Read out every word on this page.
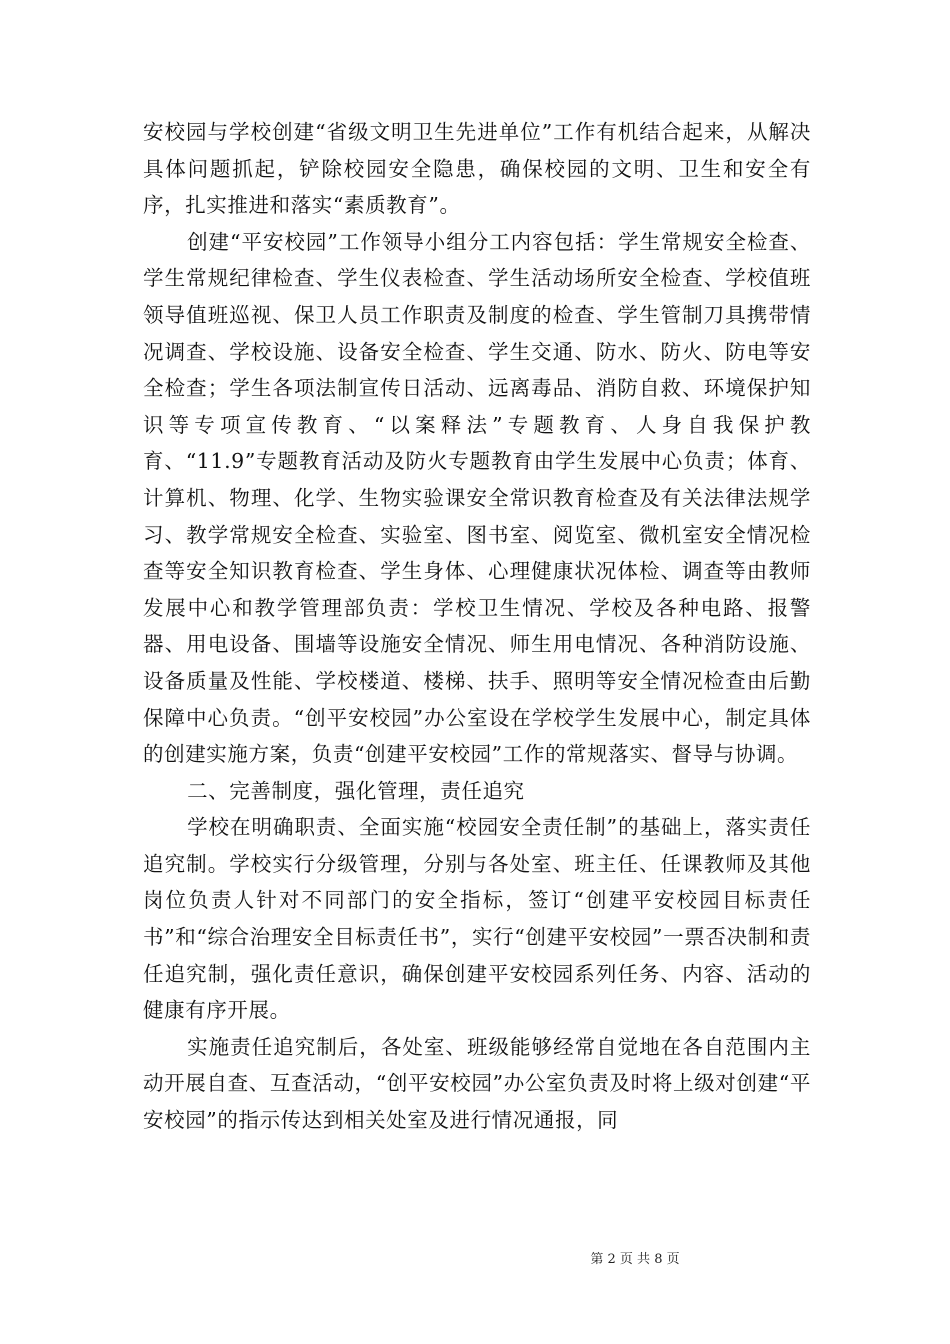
安校园与学校创建“省级文明卫生先进单位”工作有机结合起来，从解决具体问题抓起，铲除校园安全隐患，确保校园的文明、卫生和安全有序，扎实推进和落实“素质教育”。

创建“平安校园”工作领导小组分工内容包括：学生常规安全检查、学生常规纪律检查、学生仪表检查、学生活动场所安全检查、学校值班领导值班巡视、保卫人员工作职责及制度的检查、学生管制刀具携带情况调查、学校设施、设备安全检查、学生交通、防水、防火、防电等安全检查；学生各项法制宣传日活动、远离毒品、消防自救、环境保护知识等专项宣传教育、“以案释法”专题教育、人身自我保护教育、“11.9”专题教育活动及防火专题教育由学生发展中心负责；体育、计算机、物理、化学、生物实验课安全常识教育检查及有关法律法规学习、教学常规安全检查、实验室、图书室、阅览室、微机室安全情况检查等安全知识教育检查、学生身体、心理健康状况体检、调查等由教师发展中心和教学管理部负责：学校卫生情况、学校及各种电路、报警器、用电设备、围墙等设施安全情况、师生用电情况、各种消防设施、设备质量及性能、学校楼道、楼梯、扶手、照明等安全情况检查由后勤保障中心负责。“创平安校园”办公室设在学校学生发展中心，制定具体的创建实施方案，负责“创建平安校园”工作的常规落实、督导与协调。

二、完善制度，强化管理，责任追究

学校在明确职责、全面实施“校园安全责任制”的基础上，落实责任追究制。学校实行分级管理，分别与各处室、班主任、任课教师及其他岗位负责人针对不同部门的安全指标，签订“创建平安校园目标责任书”和“综合治理安全目标责任书”，实行“创建平安校园”一票否决制和责任追究制，强化责任意识，确保创建平安校园系列任务、内容、活动的健康有序开展。

实施责任追究制后，各处室、班级能够经常自觉地在各自范围内主动开展自查、互查活动，“创平安校园”办公室负责及时将上级对创建“平安校园”的指示传达到相关处室及进行情况通报，同

第 2 页 共 8 页
